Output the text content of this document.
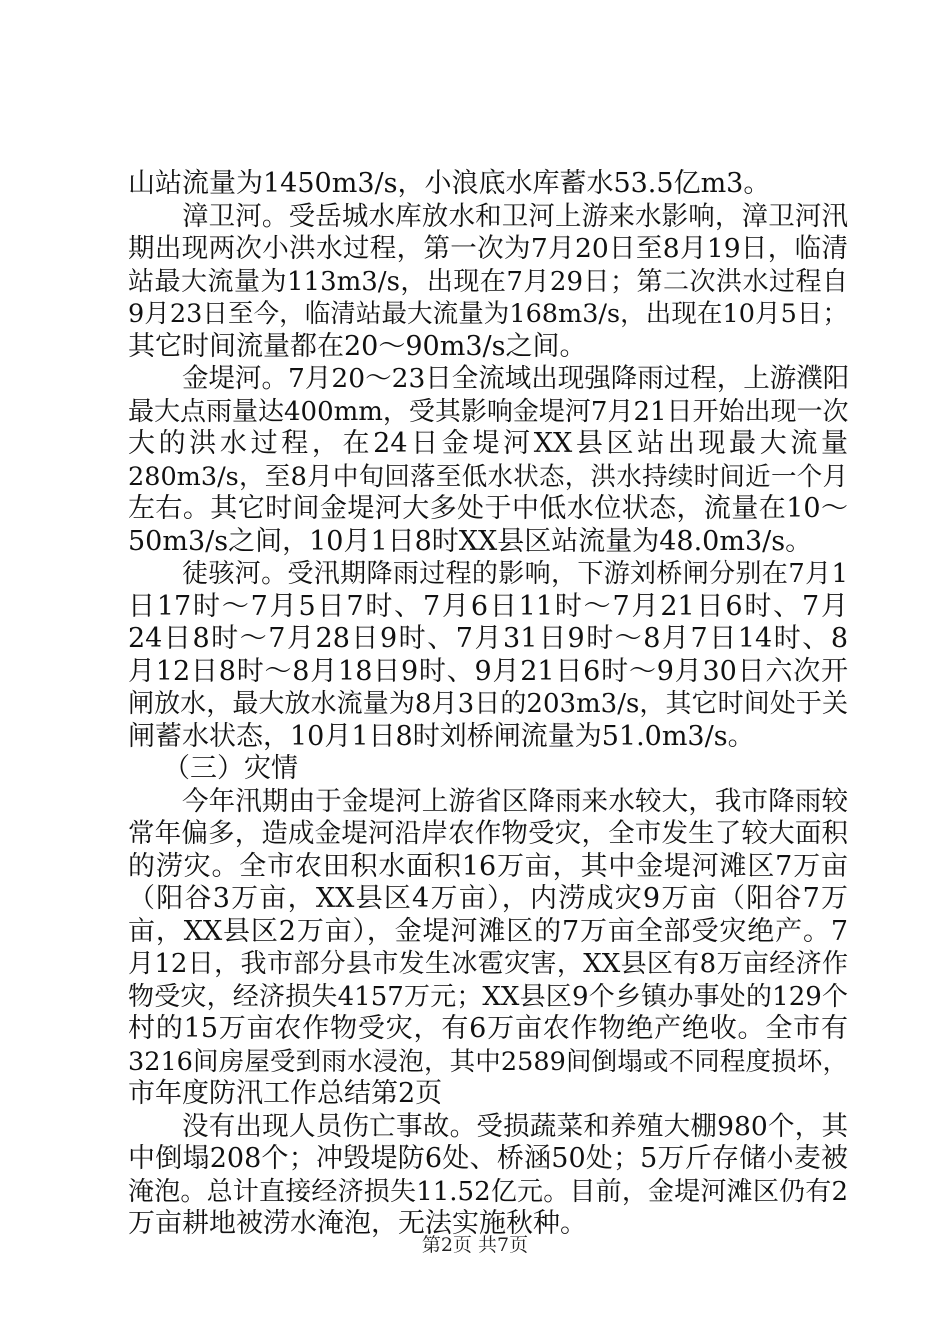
山站流量为1450m3/s，小浪底水库蓄水53.5亿m3。
漳卫河。受岳城水库放水和卫河上游来水影响，漳卫河汛
期出现两次小洪水过程，第一次为7月20日至8月19日，临清
站最大流量为113m3/s，出现在7月29日；第二次洪水过程自
9月23日至今，临清站最大流量为168m3/s，出现在10月5日；
其它时间流量都在20～90m3/s之间。
金堤河。7月20～23日全流域出现强降雨过程，上游濮阳
最大点雨量达400mm，受其影响金堤河7月21日开始出现一次
大的洪水过程，在24日金堤河XX县区站出现最大流量
280m3/s，至8月中旬回落至低水状态，洪水持续时间近一个月
左右。其它时间金堤河大多处于中低水位状态，流量在10～
50m3/s之间，10月1日8时XX县区站流量为48.0m3/s。
徒骇河。受汛期降雨过程的影响，下游刘桥闸分别在7月1
日17时～7月5日7时、7月6日11时～7月21日6时、7月
24日8时～7月28日9时、7月31日9时～8月7日14时、8
月12日8时～8月18日9时、9月21日6时～9月30日六次开
闸放水，最大放水流量为8月3日的203m3/s，其它时间处于关
闸蓄水状态，10月1日8时刘桥闸流量为51.0m3/s。
（三）灾情
今年汛期由于金堤河上游省区降雨来水较大，我市降雨较
常年偏多，造成金堤河沿岸农作物受灾，全市发生了较大面积
的涝灾。全市农田积水面积16万亩，其中金堤河滩区7万亩
（阳谷3万亩，XX县区4万亩），内涝成灾9万亩（阳谷7万
亩，XX县区2万亩），金堤河滩区的7万亩全部受灾绝产。7
月12日，我市部分县市发生冰雹灾害，XX县区有8万亩经济作
物受灾，经济损失4157万元；XX县区9个乡镇办事处的129个
村的15万亩农作物受灾，有6万亩农作物绝产绝收。全市有
3216间房屋受到雨水浸泡，其中2589间倒塌或不同程度损坏，
市年度防汛工作总结第2页
没有出现人员伤亡事故。受损蔬菜和养殖大棚980个，其
中倒塌208个；冲毁堤防6处、桥涵50处；5万斤存储小麦被
淹泡。总计直接经济损失11.52亿元。目前，金堤河滩区仍有2
万亩耕地被涝水淹泡，无法实施秋种。
第2页 共7页
